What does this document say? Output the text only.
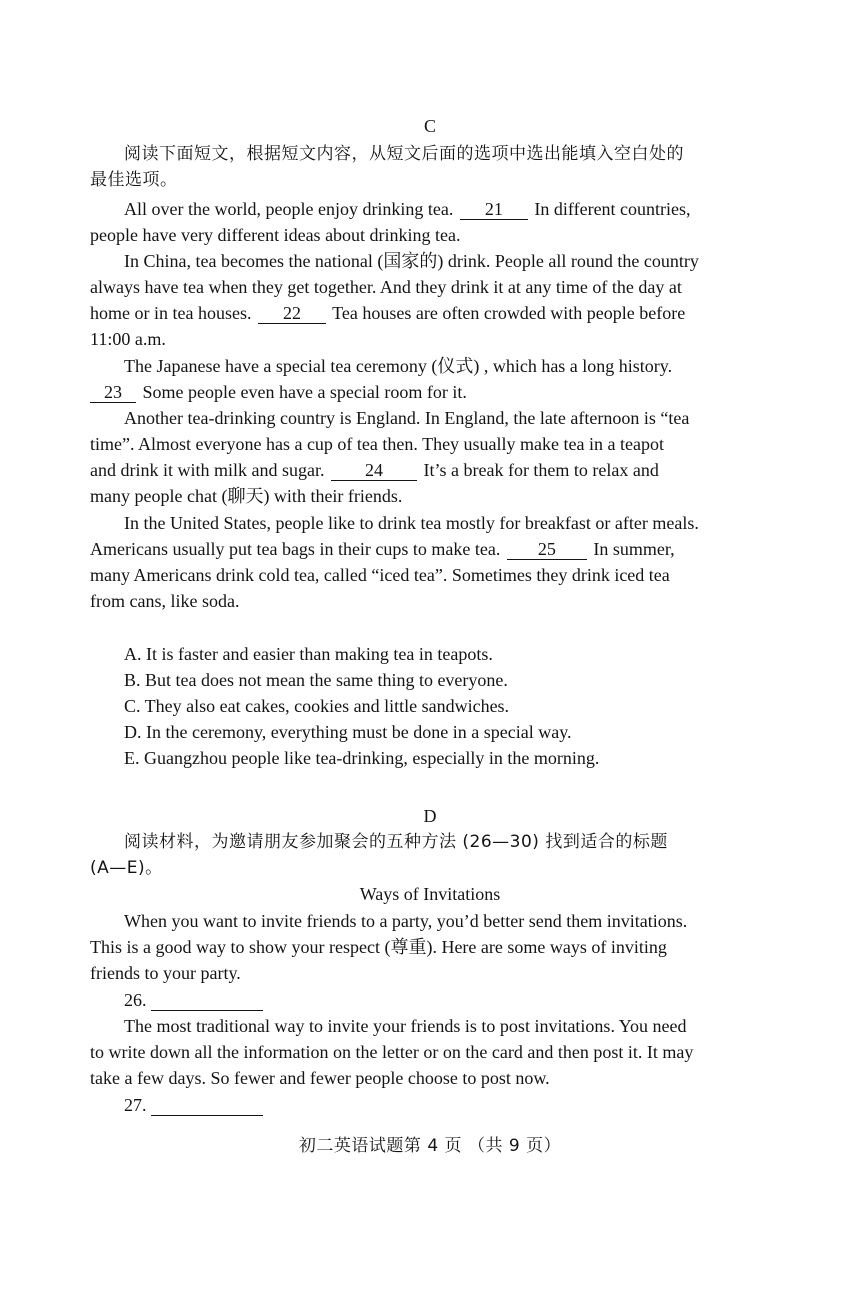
C
阅读下面短文，根据短文内容，从短文后面的选项中选出能填入空白处的
最佳选项。
All over the world, people enjoy drinking tea. 21 In different countries,
people have very different ideas about drinking tea.
In China, tea becomes the national (国家的) drink. People all round the country
always have tea when they get together. And they drink it at any time of the day at
home or in tea houses. 22 Tea houses are often crowded with people before
11:00 a.m.
The Japanese have a special tea ceremony (仪式) , which has a long history.
23 Some people even have a special room for it.
Another tea-drinking country is England. In England, the late afternoon is “tea
time”. Almost everyone has a cup of tea then. They usually make tea in a teapot
and drink it with milk and sugar. 24 It’s a break for them to relax and
many people chat (聊天) with their friends.
In the United States, people like to drink tea mostly for breakfast or after meals.
Americans usually put tea bags in their cups to make tea. 25 In summer,
many Americans drink cold tea, called “iced tea”. Sometimes they drink iced tea
from cans, like soda.
A. It is faster and easier than making tea in teapots.
B. But tea does not mean the same thing to everyone.
C. They also eat cakes, cookies and little sandwiches.
D. In the ceremony, everything must be done in a special way.
E. Guangzhou people like tea-drinking, especially in the morning.
D
阅读材料，为邀请朋友参加聚会的五种方法 (26—30) 找到适合的标题
(A—E)。
Ways of Invitations
When you want to invite friends to a party, you’d better send them invitations.
This is a good way to show your respect (尊重). Here are some ways of inviting
friends to your party.
26.
The most traditional way to invite your friends is to post invitations. You need
to write down all the information on the letter or on the card and then post it. It may
take a few days. So fewer and fewer people choose to post now.
27.
初二英语试题第 4 页 （共 9 页）
